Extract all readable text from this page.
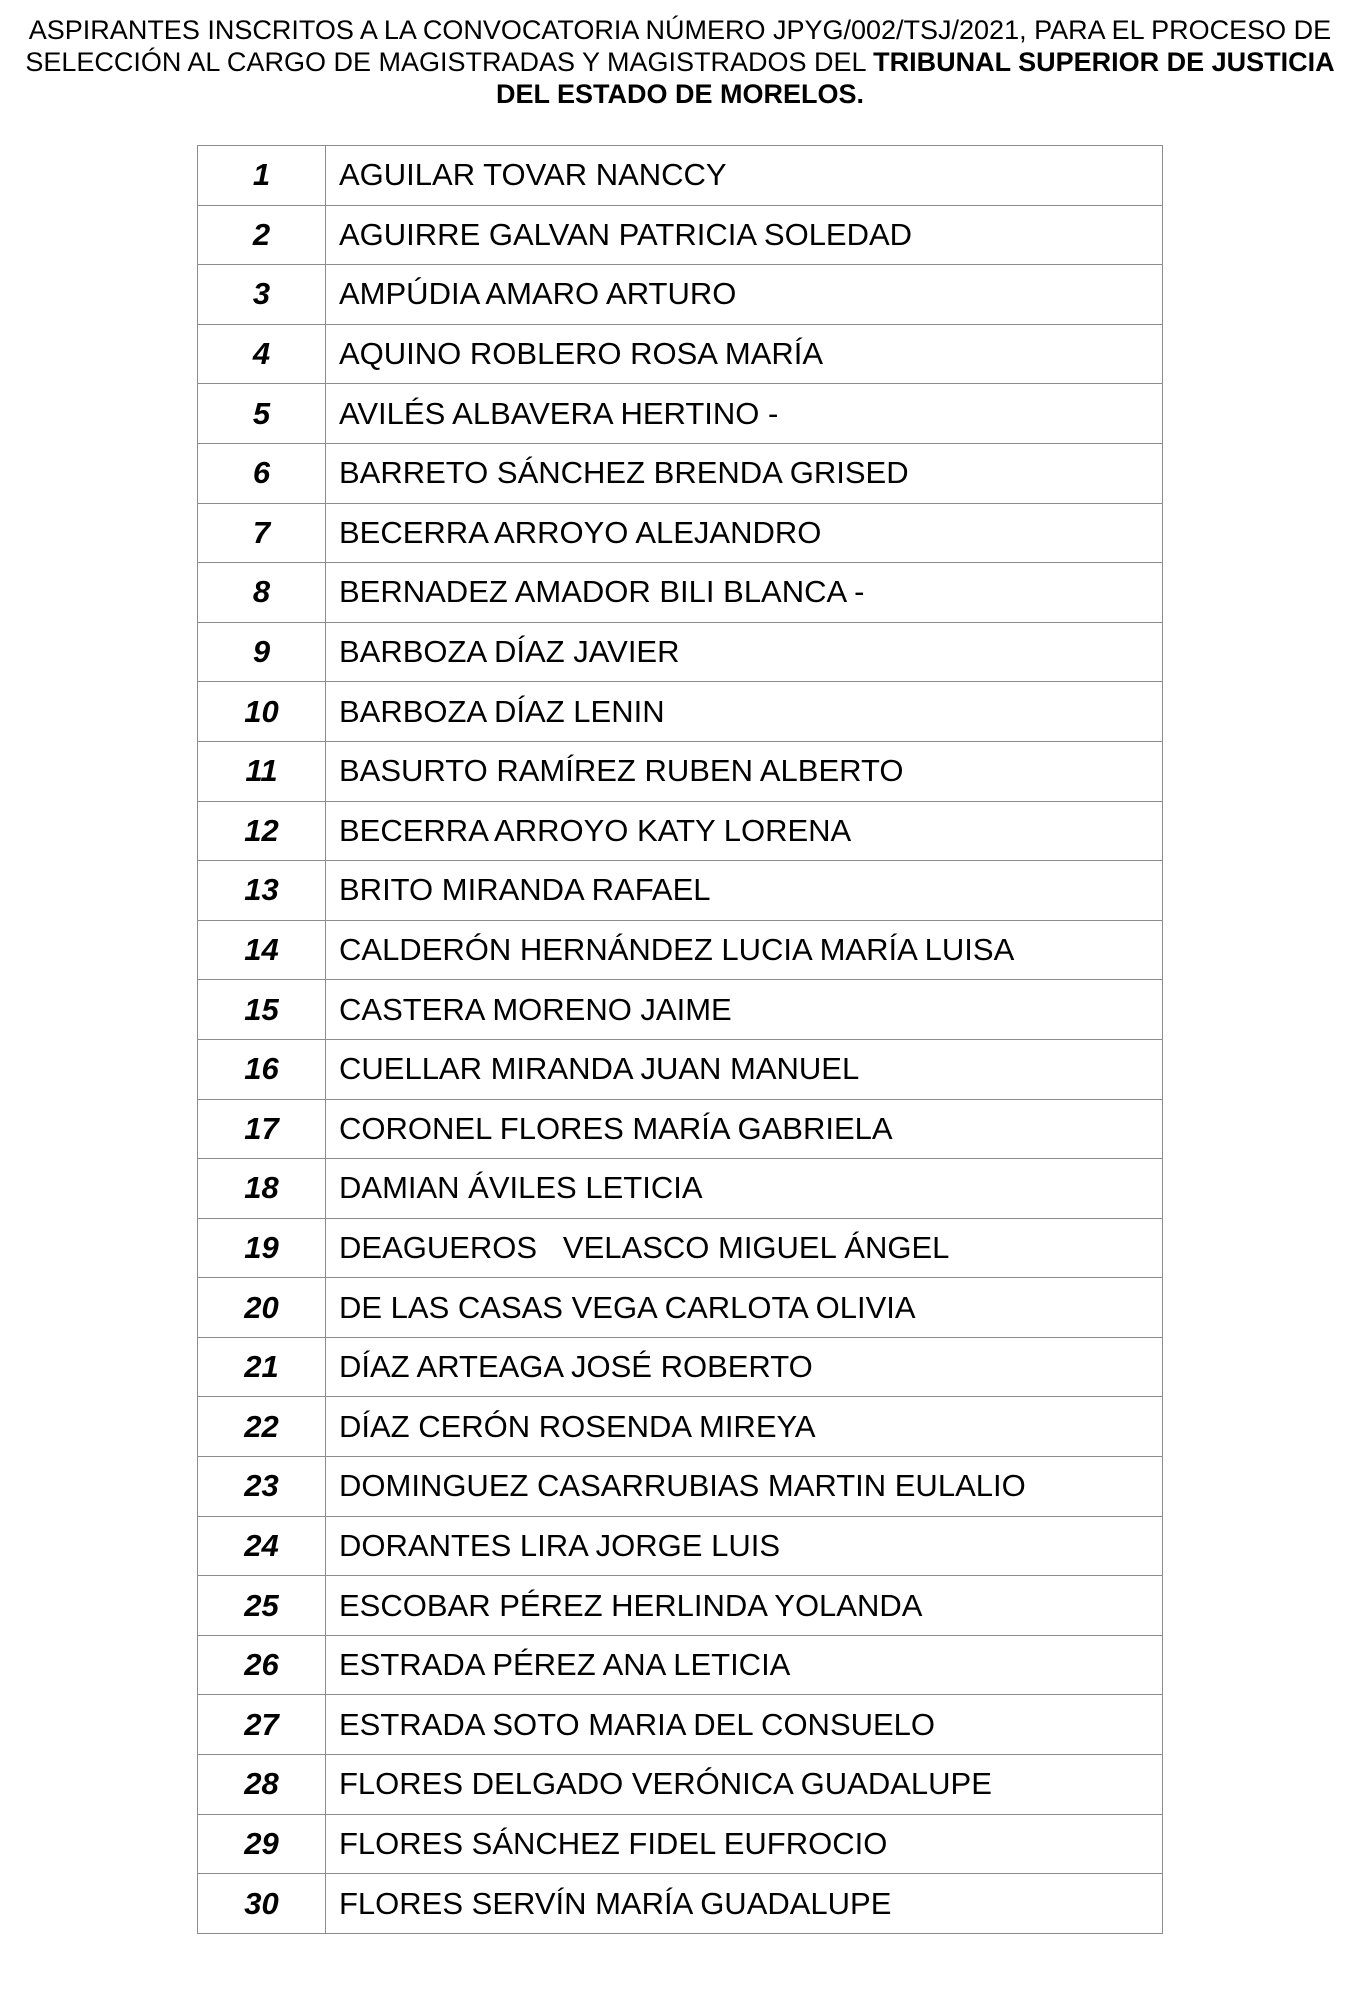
ASPIRANTES INSCRITOS A LA CONVOCATORIA NÚMERO JPYG/002/TSJ/2021, PARA EL PROCESO DE
SELECCIÓN AL CARGO DE MAGISTRADAS Y MAGISTRADOS DEL TRIBUNAL SUPERIOR DE JUSTICIA
DEL ESTADO DE MORELOS.
1	AGUILAR TOVAR NANCCY
2	AGUIRRE GALVAN PATRICIA SOLEDAD
3	AMPÚDIA AMARO ARTURO
4	AQUINO ROBLERO ROSA MARÍA
5	AVILÉS ALBAVERA HERTINO -
6	BARRETO SÁNCHEZ BRENDA GRISED
7	BECERRA ARROYO ALEJANDRO
8	BERNADEZ AMADOR BILI BLANCA -
9	BARBOZA DÍAZ JAVIER
10	BARBOZA DÍAZ LENIN
11	BASURTO RAMÍREZ RUBEN ALBERTO
12	BECERRA ARROYO KATY LORENA
13	BRITO MIRANDA RAFAEL
14	CALDERÓN HERNÁNDEZ LUCIA MARÍA LUISA
15	CASTERA MORENO JAIME
16	CUELLAR MIRANDA JUAN MANUEL
17	CORONEL FLORES MARÍA GABRIELA
18	DAMIAN ÁVILES LETICIA
19	DEAGUEROS   VELASCO MIGUEL ÁNGEL
20	DE LAS CASAS VEGA CARLOTA OLIVIA
21	DÍAZ ARTEAGA JOSÉ ROBERTO
22	DÍAZ CERÓN ROSENDA MIREYA
23	DOMINGUEZ CASARRUBIAS MARTIN EULALIO
24	DORANTES LIRA JORGE LUIS
25	ESCOBAR PÉREZ HERLINDA YOLANDA
26	ESTRADA PÉREZ ANA LETICIA
27	ESTRADA SOTO MARIA DEL CONSUELO
28	FLORES DELGADO VERÓNICA GUADALUPE
29	FLORES SÁNCHEZ FIDEL EUFROCIO
30	FLORES SERVÍN MARÍA GUADALUPE
